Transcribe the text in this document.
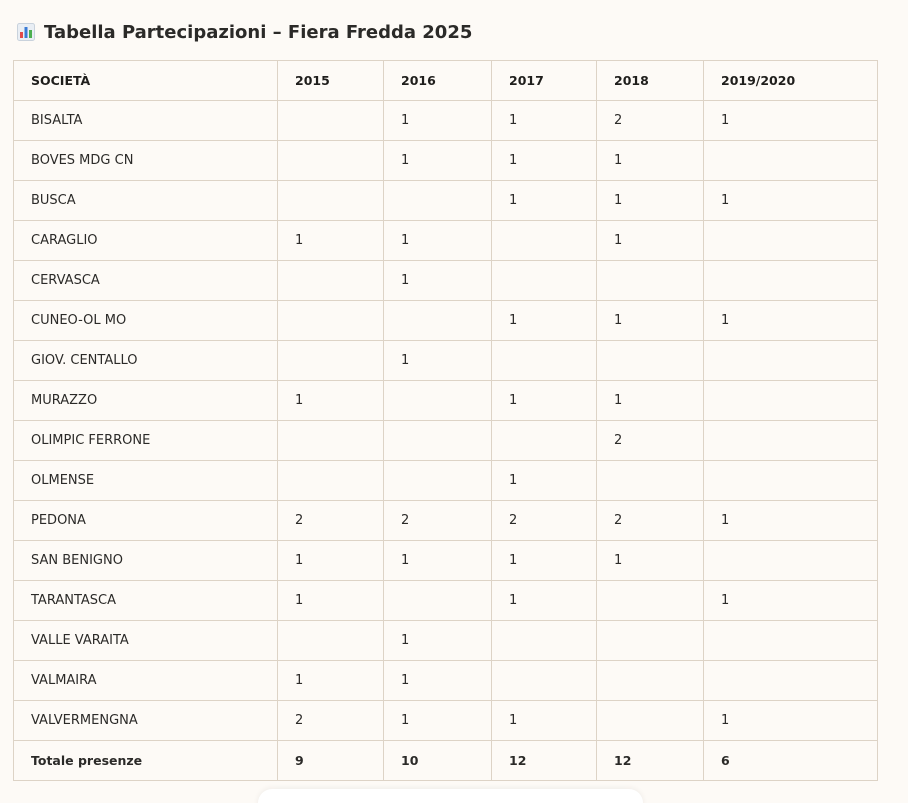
Tabella Partecipazioni – Fiera Fredda 2025
SOCIETÀ	2015	2016	2017	2018	2019/2020
BISALTA		1	1	2	1
BOVES MDG CN		1	1	1	
BUSCA			1	1	1
CARAGLIO	1	1		1	
CERVASCA		1			
CUNEO-OL MO			1	1	1
GIOV. CENTALLO		1			
MURAZZO	1		1	1	
OLIMPIC FERRONE				2	
OLMENSE			1		
PEDONA	2	2	2	2	1
SAN BENIGNO	1	1	1	1	
TARANTASCA	1		1		1
VALLE VARAITA		1			
VALMAIRA	1	1			
VALVERMENGNA	2	1	1		1
Totale presenze	9	10	12	12	6
